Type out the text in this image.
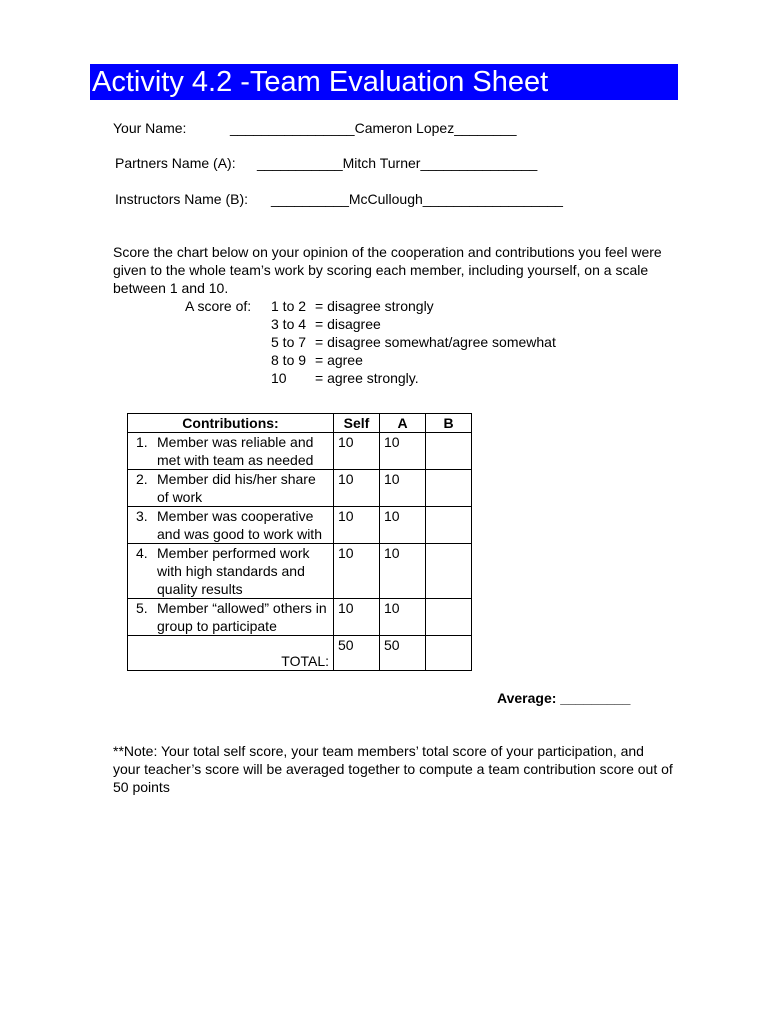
Activity 4.2 -Team Evaluation Sheet
Your Name:	________________Cameron Lopez________
Partners Name (A): ___________Mitch Turner_______________
Instructors Name (B): __________McCullough__________________
Score the chart below on your opinion of the cooperation and contributions you feel were given to the whole team’s work by scoring each member, including yourself, on a scale between 1 and 10.
A score of: 1 to 2 = disagree strongly
3 to 4 = disagree
5 to 7 = disagree somewhat/agree somewhat
8 to 9 = agree
10 = agree strongly.
Contributions:	Self	A	B

1. Member was reliable and met with team as needed	10	10	

2. Member did his/her share of work	10	10	

3. Member was cooperative and was good to work with	10	10	

4. Member performed work with high standards and quality results	10	10	

5. Member “allowed” others in group to participate	10	10	
TOTAL:	50	50	
Average: _________
**Note: Your total self score, your team members’ total score of your participation, and your teacher’s score will be averaged together to compute a team contribution score out of 50 points
